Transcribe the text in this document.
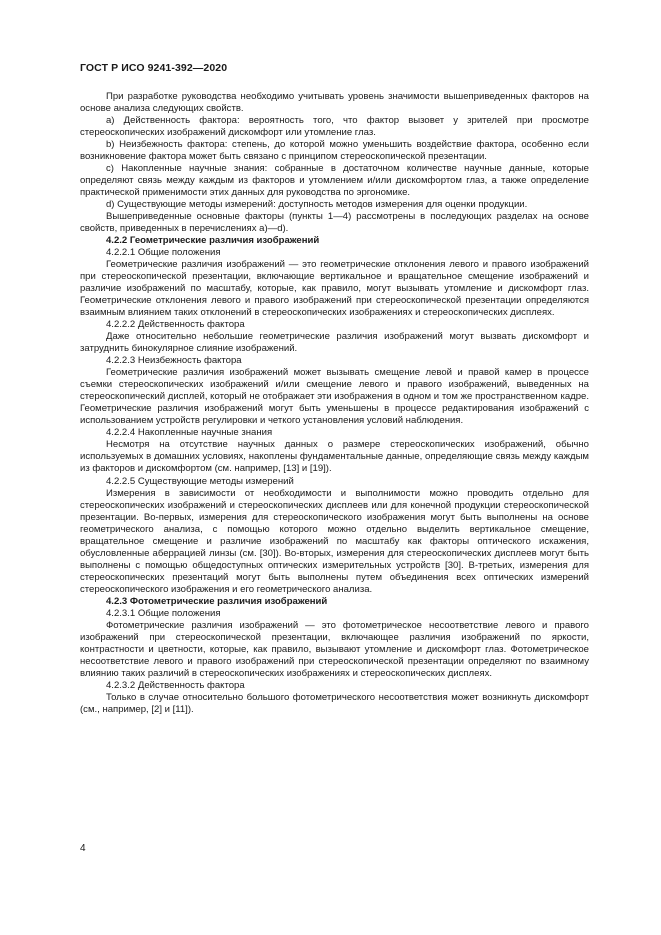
ГОСТ Р ИСО 9241-392—2020

При разработке руководства необходимо учитывать уровень значимости вышеприведенных факторов на основе анализа следующих свойств.

a) Действенность фактора: вероятность того, что фактор вызовет у зрителей при просмотре стереоскопических изображений дискомфорт или утомление глаз.

b) Неизбежность фактора: степень, до которой можно уменьшить воздействие фактора, особенно если возникновение фактора может быть связано с принципом стереоскопической презентации.

c) Накопленные научные знания: собранные в достаточном количестве научные данные, которые определяют связь между каждым из факторов и утомлением и/или дискомфортом глаз, а также определение практической применимости этих данных для руководства по эргономике.

d) Существующие методы измерений: доступность методов измерения для оценки продукции.

Вышеприведенные основные факторы (пункты 1—4) рассмотрены в последующих разделах на основе свойств, приведенных в перечислениях а)—d).

4.2.2 Геометрические различия изображений

4.2.2.1 Общие положения

Геометрические различия изображений — это геометрические отклонения левого и правого изображений при стереоскопической презентации, включающие вертикальное и вращательное смещение изображений и различие изображений по масштабу, которые, как правило, могут вызывать утомление и дискомфорт глаз. Геометрические отклонения левого и правого изображений при стереоскопической презентации определяются взаимным влиянием таких отклонений в стереоскопических изображениях и стереоскопических дисплеях.

4.2.2.2 Действенность фактора

Даже относительно небольшие геометрические различия изображений могут вызвать дискомфорт и затруднить бинокулярное слияние изображений.

4.2.2.3 Неизбежность фактора

Геометрические различия изображений может вызывать смещение левой и правой камер в процессе съемки стереоскопических изображений и/или смещение левого и правого изображений, выведенных на стереоскопический дисплей, который не отображает эти изображения в одном и том же пространственном кадре. Геометрические различия изображений могут быть уменьшены в процессе редактирования изображений с использованием устройств регулировки и четкого установления условий наблюдения.

4.2.2.4 Накопленные научные знания

Несмотря на отсутствие научных данных о размере стереоскопических изображений, обычно используемых в домашних условиях, накоплены фундаментальные данные, определяющие связь между каждым из факторов и дискомфортом (см. например, [13] и [19]).

4.2.2.5 Существующие методы измерений

Измерения в зависимости от необходимости и выполнимости можно проводить отдельно для стереоскопических изображений и стереоскопических дисплеев или для конечной продукции стереоскопической презентации. Во-первых, измерения для стереоскопического изображения могут быть выполнены на основе геометрического анализа, с помощью которого можно отдельно выделить вертикальное смещение, вращательное смещение и различие изображений по масштабу как факторы оптического искажения, обусловленные аберрацией линзы (см. [30]). Во-вторых, измерения для стереоскопических дисплеев могут быть выполнены с помощью общедоступных оптических измерительных устройств [30]. В-третьих, измерения для стереоскопических презентаций могут быть выполнены путем объединения всех оптических измерений стереоскопического изображения и его геометрического анализа.

4.2.3 Фотометрические различия изображений

4.2.3.1 Общие положения

Фотометрические различия изображений — это фотометрическое несоответствие левого и правого изображений при стереоскопической презентации, включающее различия изображений по яркости, контрастности и цветности, которые, как правило, вызывают утомление и дискомфорт глаз. Фотометрическое несоответствие левого и правого изображений при стереоскопической презентации определяют по взаимному влиянию таких различий в стереоскопических изображениях и стереоскопических дисплеях.

4.2.3.2 Действенность фактора

Только в случае относительно большого фотометрического несоответствия может возникнуть дискомфорт (см., например, [2] и [11]).

4
